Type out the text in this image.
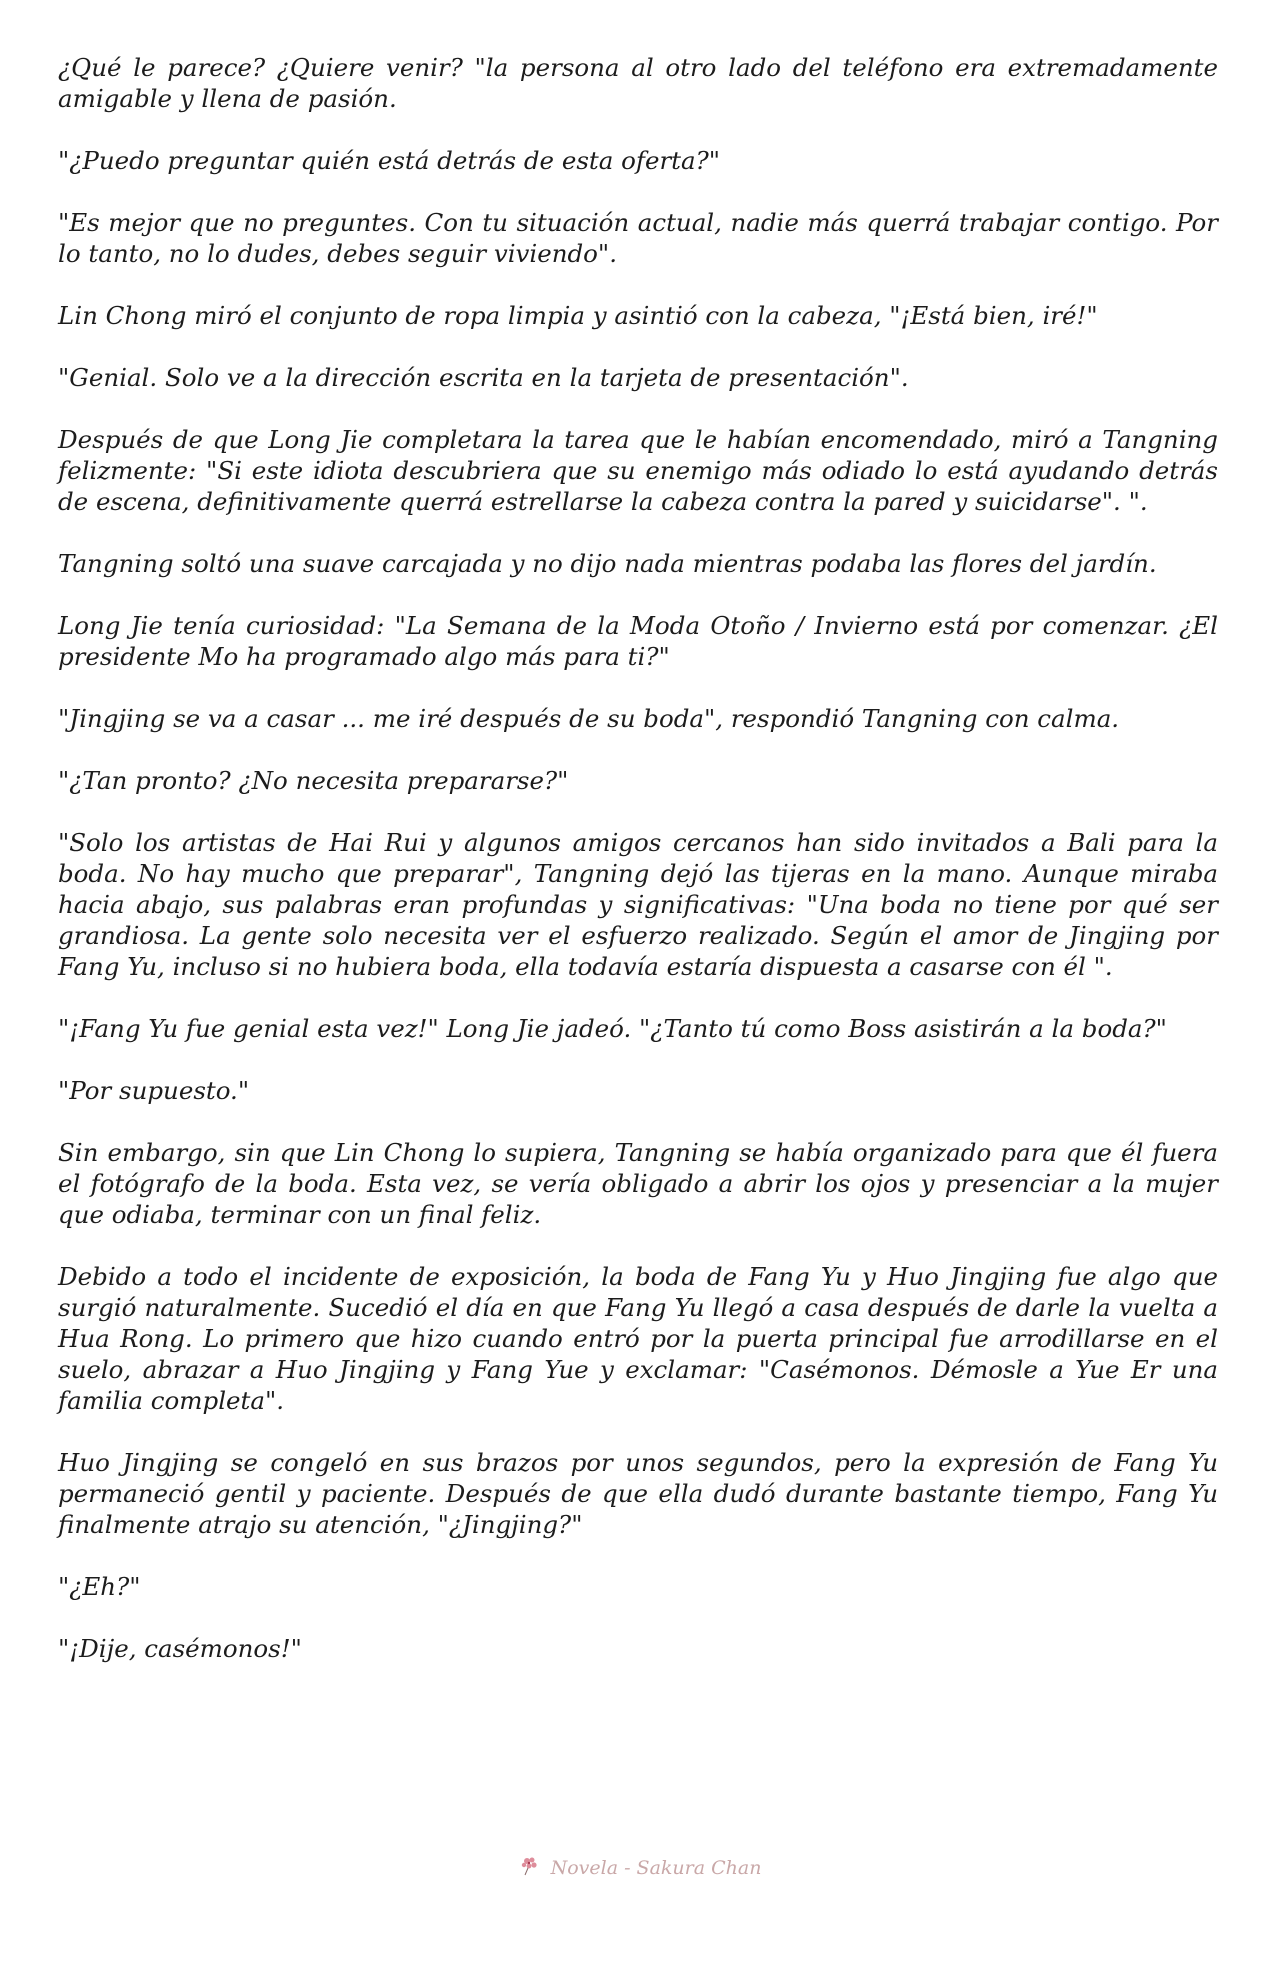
¿Qué le parece? ¿Quiere venir? "la persona al otro lado del teléfono era extremadamente amigable y llena de pasión.

"¿Puedo preguntar quién está detrás de esta oferta?"

"Es mejor que no preguntes. Con tu situación actual, nadie más querrá trabajar contigo. Por lo tanto, no lo dudes, debes seguir viviendo".

Lin Chong miró el conjunto de ropa limpia y asintió con la cabeza, "¡Está bien, iré!"

"Genial. Solo ve a la dirección escrita en la tarjeta de presentación".

Después de que Long Jie completara la tarea que le habían encomendado, miró a Tangning felizmente: "Si este idiota descubriera que su enemigo más odiado lo está ayudando detrás de escena, definitivamente querrá estrellarse la cabeza contra la pared y suicidarse". ".

Tangning soltó una suave carcajada y no dijo nada mientras podaba las flores del jardín.

Long Jie tenía curiosidad: "La Semana de la Moda Otoño / Invierno está por comenzar. ¿El presidente Mo ha programado algo más para ti?"

"Jingjing se va a casar ... me iré después de su boda", respondió Tangning con calma.

"¿Tan pronto? ¿No necesita prepararse?"

"Solo los artistas de Hai Rui y algunos amigos cercanos han sido invitados a Bali para la boda. No hay mucho que preparar", Tangning dejó las tijeras en la mano. Aunque miraba hacia abajo, sus palabras eran profundas y significativas: "Una boda no tiene por qué ser grandiosa. La gente solo necesita ver el esfuerzo realizado. Según el amor de Jingjing por Fang Yu, incluso si no hubiera boda, ella todavía estaría dispuesta a casarse con él ".

"¡Fang Yu fue genial esta vez!" Long Jie jadeó. "¿Tanto tú como Boss asistirán a la boda?"

"Por supuesto."

Sin embargo, sin que Lin Chong lo supiera, Tangning se había organizado para que él fuera el fotógrafo de la boda. Esta vez, se vería obligado a abrir los ojos y presenciar a la mujer que odiaba, terminar con un final feliz.

Debido a todo el incidente de exposición, la boda de Fang Yu y Huo Jingjing fue algo que surgió naturalmente. Sucedió el día en que Fang Yu llegó a casa después de darle la vuelta a Hua Rong. Lo primero que hizo cuando entró por la puerta principal fue arrodillarse en el suelo, abrazar a Huo Jingjing y Fang Yue y exclamar: "Casémonos. Démosle a Yue Er una familia completa".

Huo Jingjing se congeló en sus brazos por unos segundos, pero la expresión de Fang Yu permaneció gentil y paciente. Después de que ella dudó durante bastante tiempo, Fang Yu finalmente atrajo su atención, "¿Jingjing?"

"¿Eh?"

"¡Dije, casémonos!"

Novela - Sakura Chan
